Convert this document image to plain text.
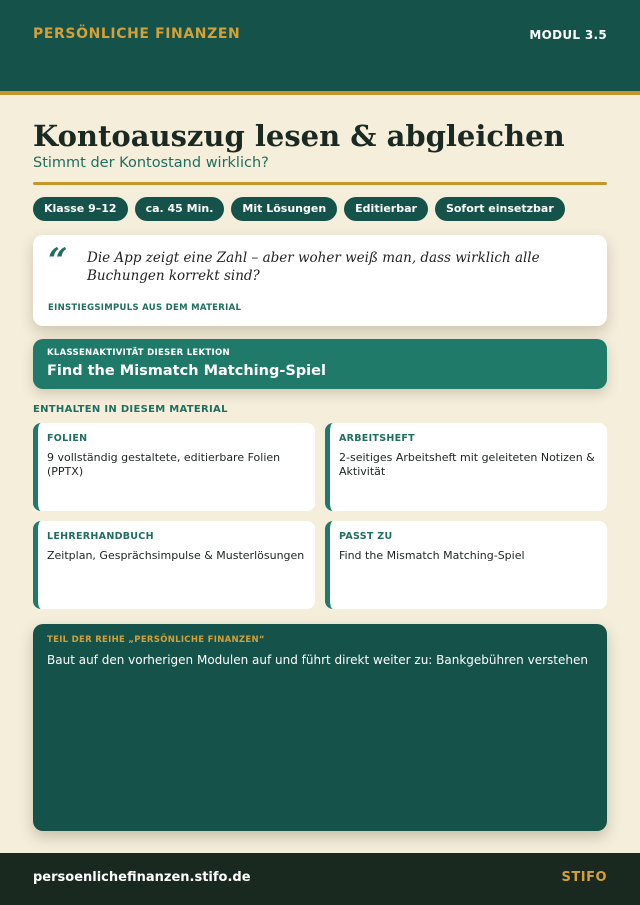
PERSÖNLICHE FINANZEN	MODUL 3.5
Kontoauszug lesen & abgleichen
Stimmt der Kontostand wirklich?
Klasse 9–12	ca. 45 Min.	Mit Lösungen	Editierbar	Sofort einsetzbar
“ Die App zeigt eine Zahl – aber woher weiß man, dass wirklich alle Buchungen korrekt sind?
EINSTIEGSIMPULS AUS DEM MATERIAL
KLASSENAKTIVITÄT DIESER LEKTION
Find the Mismatch Matching-Spiel
ENTHALTEN IN DIESEM MATERIAL
FOLIEN
9 vollständig gestaltete, editierbare Folien (PPTX)
ARBEITSHEFT
2-seitiges Arbeitsheft mit geleiteten Notizen & Aktivität
LEHRERHANDBUCH
Zeitplan, Gesprächsimpulse & Musterlösungen
PASST ZU
Find the Mismatch Matching-Spiel
TEIL DER REIHE „PERSÖNLICHE FINANZEN“
Baut auf den vorherigen Modulen auf und führt direkt weiter zu: Bankgebühren verstehen
persoenlichefinanzen.stifo.de	STIFO
